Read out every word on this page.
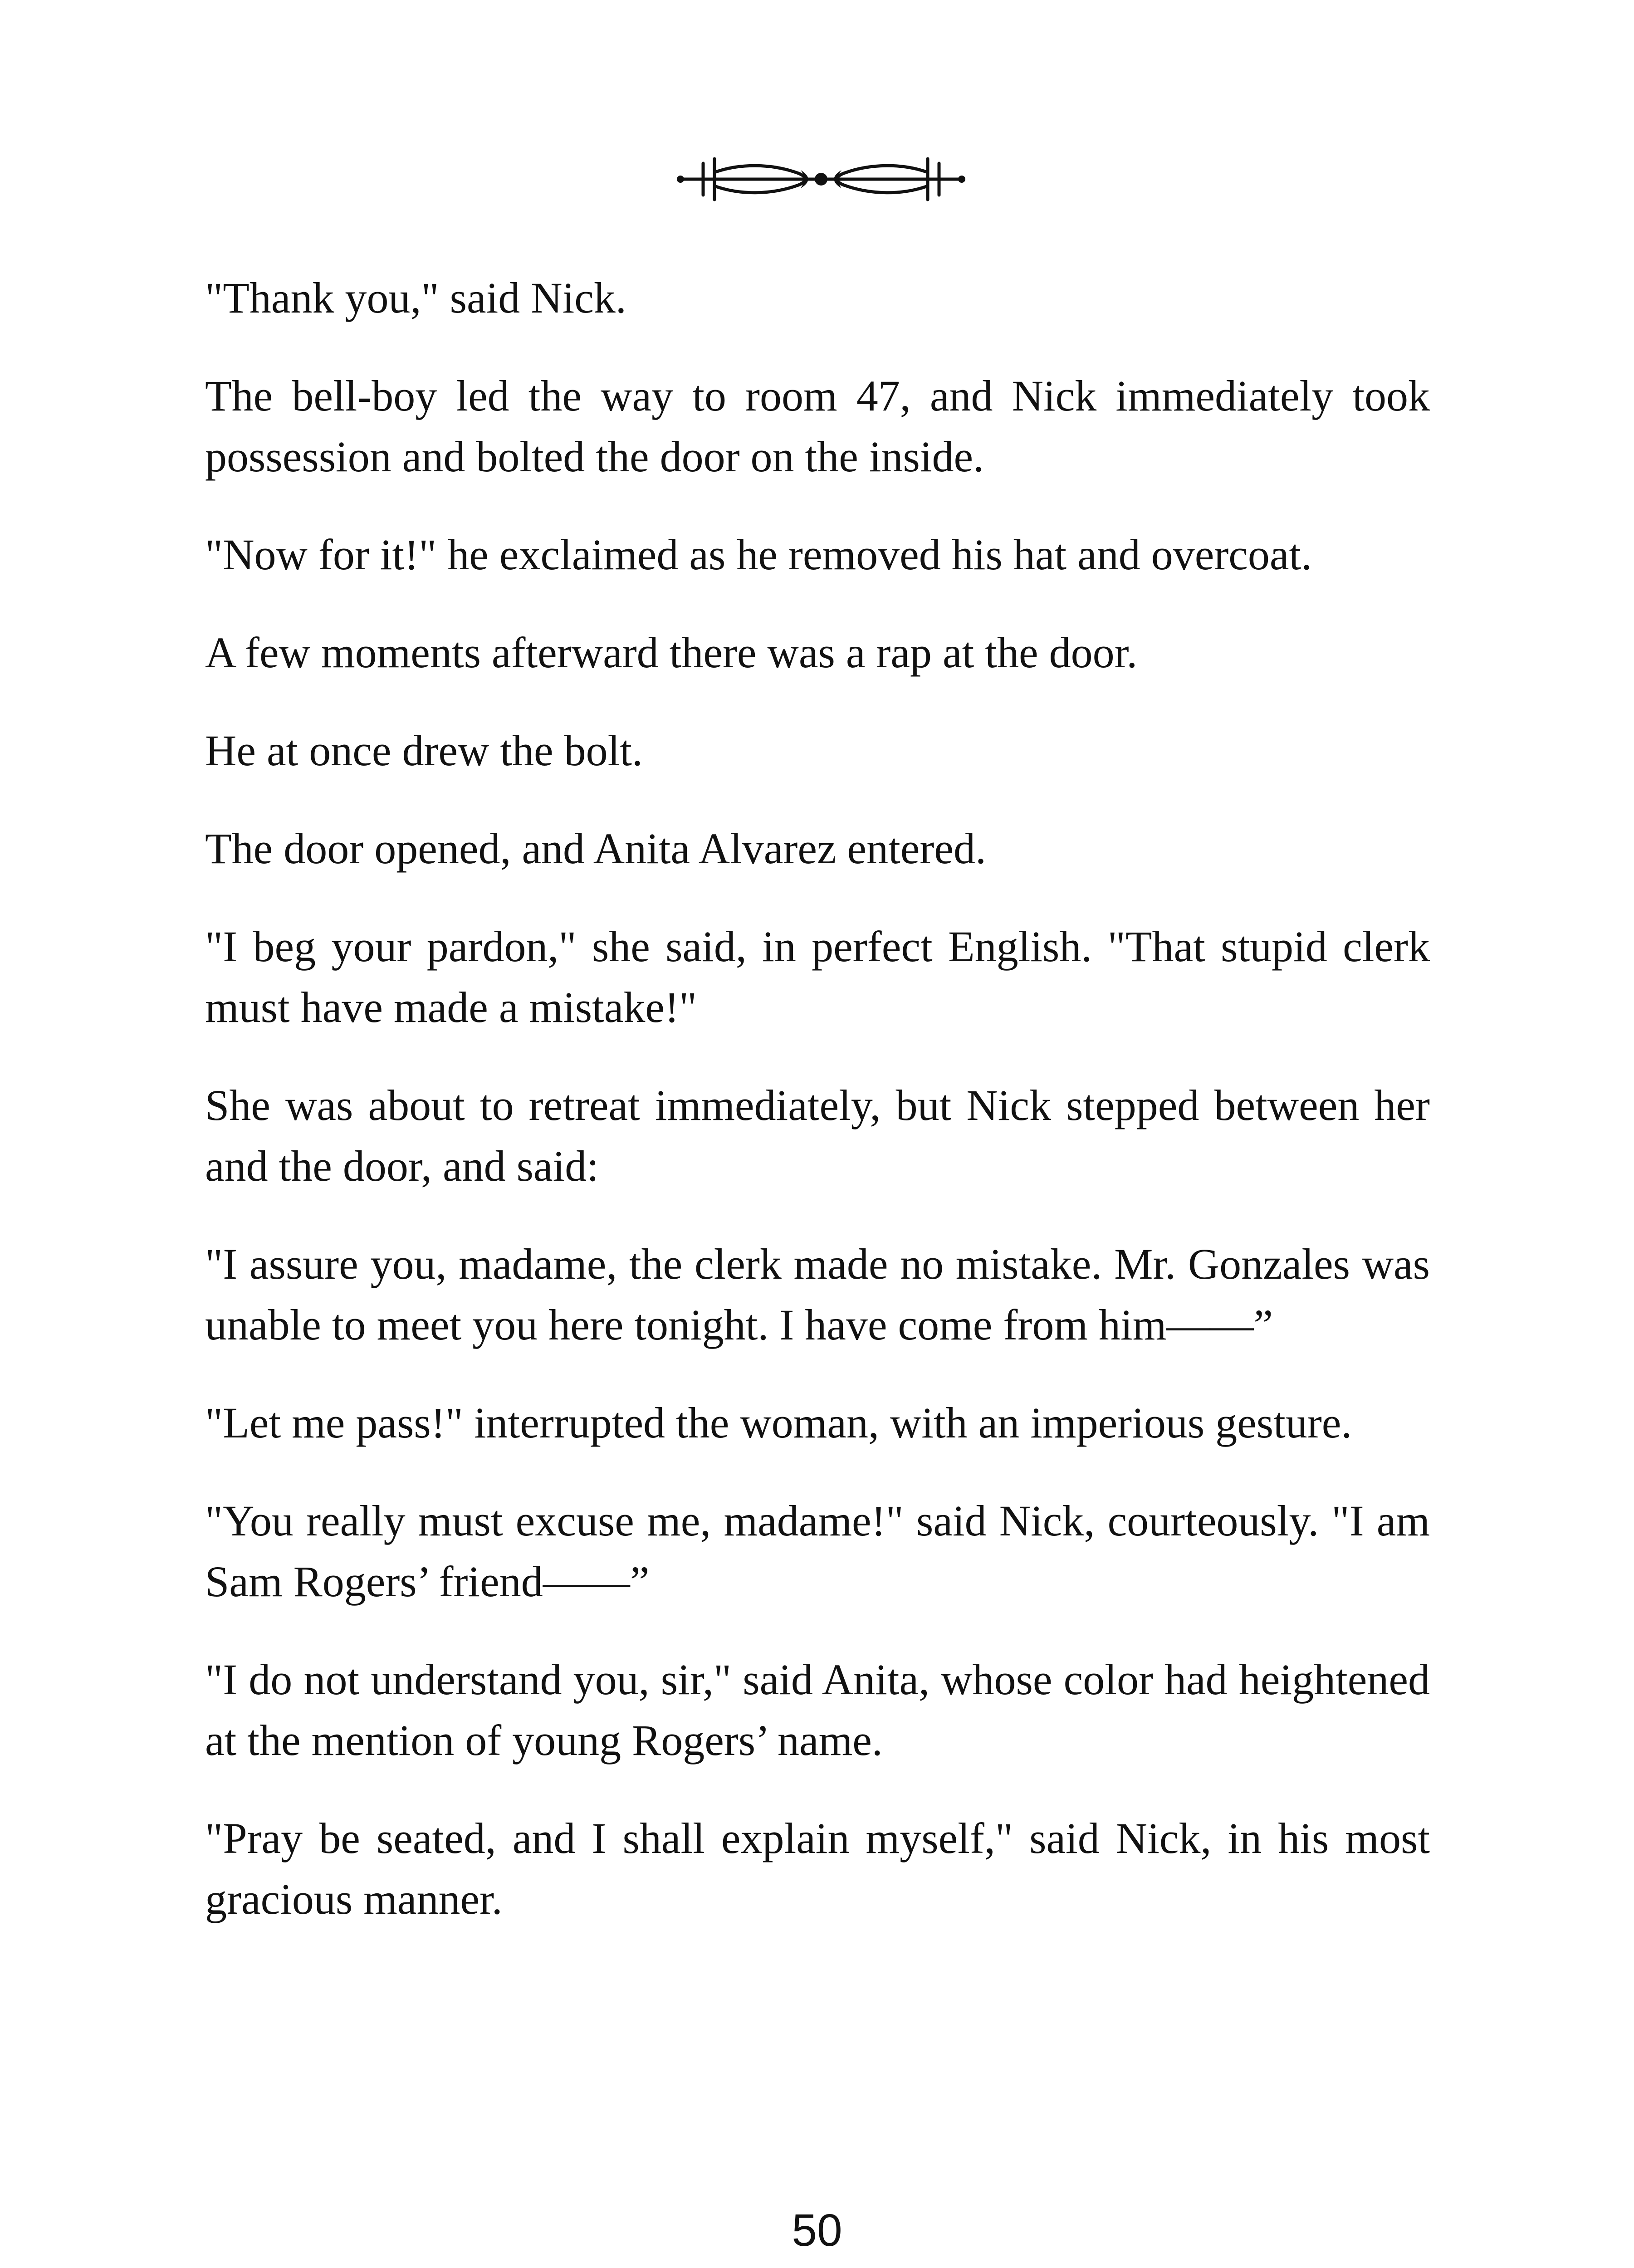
"Thank you," said Nick.

The bell-boy led the way to room 47, and Nick immediately took possession and bolted the door on the inside.

"Now for it!" he exclaimed as he removed his hat and overcoat.

A few moments afterward there was a rap at the door.

He at once drew the bolt.

The door opened, and Anita Alvarez entered.

"I beg your pardon," she said, in perfect English. "That stupid clerk must have made a mistake!"

She was about to retreat immediately, but Nick stepped between her and the door, and said:

"I assure you, madame, the clerk made no mistake. Mr. Gonzales was unable to meet you here tonight. I have come from him——”

"Let me pass!" interrupted the woman, with an imperious gesture.

"You really must excuse me, madame!" said Nick, courteously. "I am Sam Rogers’ friend——”

"I do not understand you, sir," said Anita, whose color had heightened at the mention of young Rogers’ name.

"Pray be seated, and I shall explain myself," said Nick, in his most gracious manner.

50
